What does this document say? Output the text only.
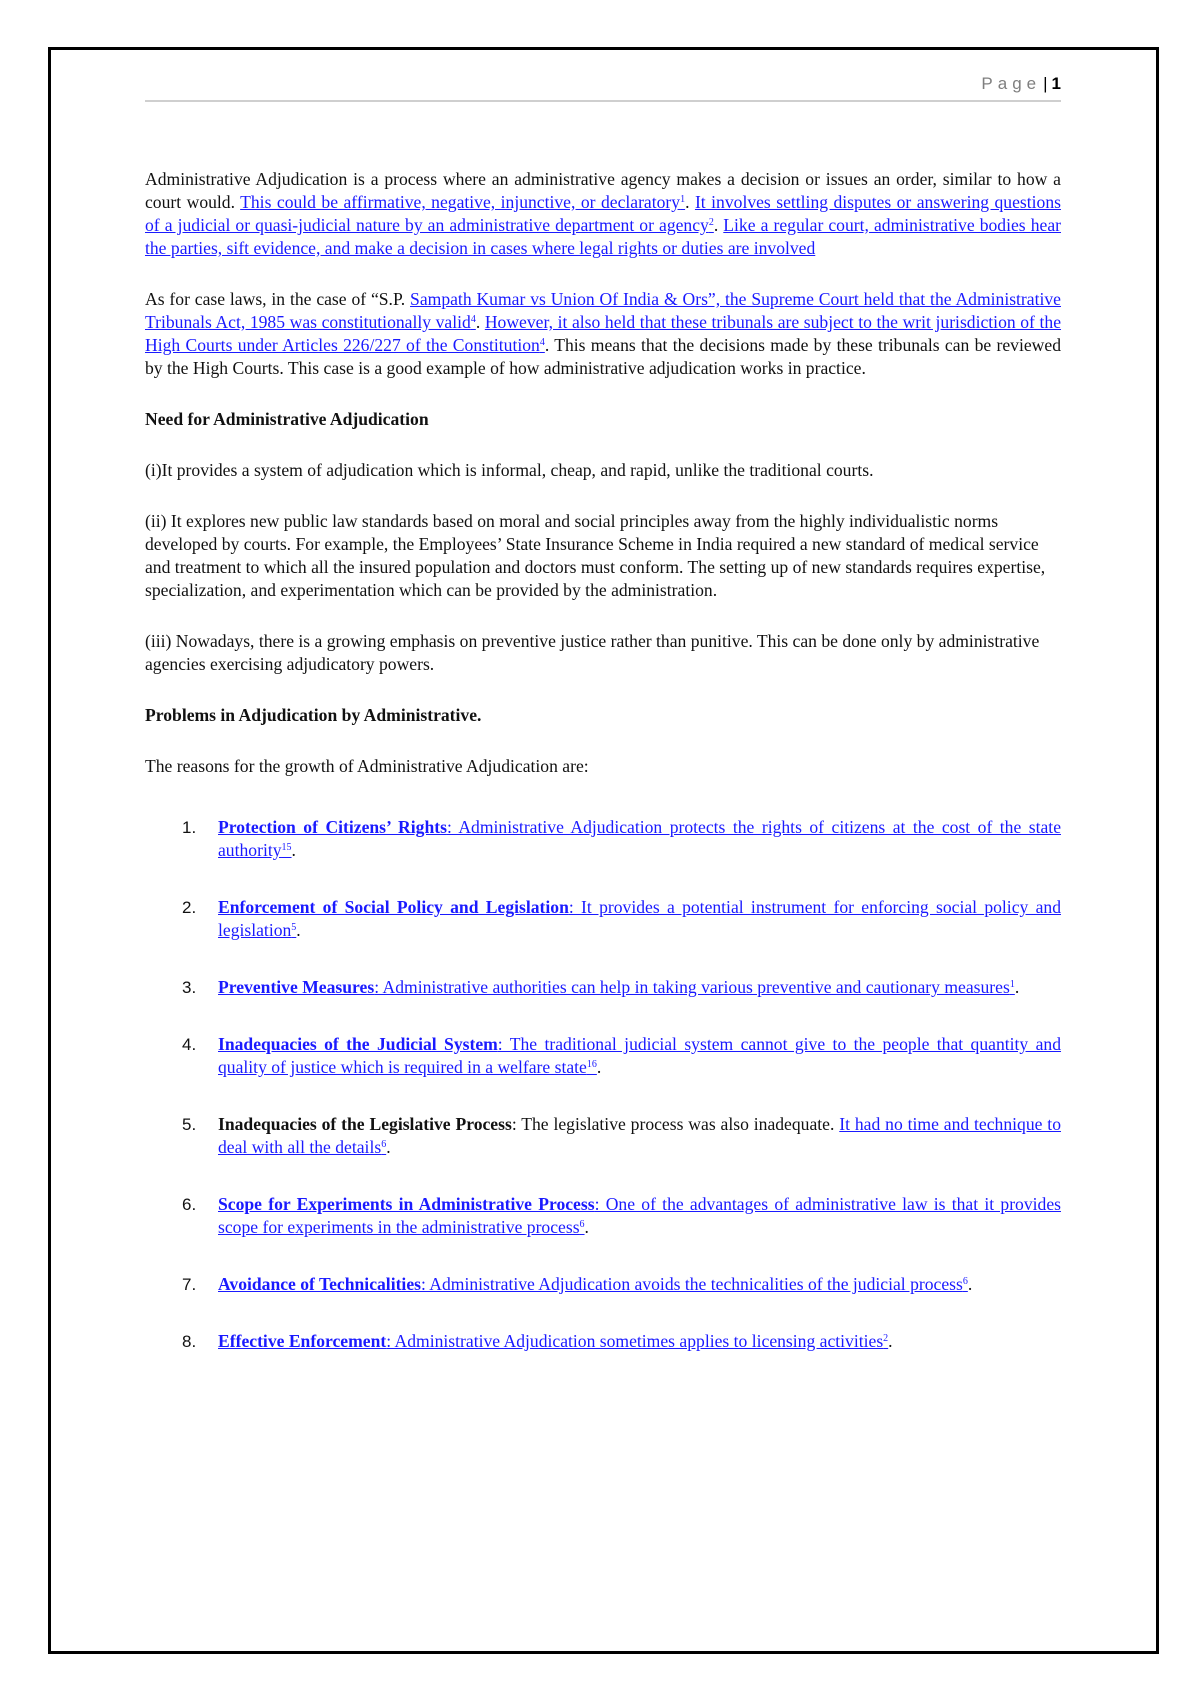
Page | 1

Administrative Adjudication is a process where an administrative agency makes a decision or issues an order, similar to how a court would. This could be affirmative, negative, injunctive, or declaratory$^1$. It involves settling disputes or answering questions of a judicial or quasi-judicial nature by an administrative department or agency$^2$. Like a regular court, administrative bodies hear the parties, sift evidence, and make a decision in cases where legal rights or duties are involved

As for case laws, in the case of “S.P. Sampath Kumar vs Union Of India & Ors”, the Supreme Court held that the Administrative Tribunals Act, 1985 was constitutionally valid$^4$. However, it also held that these tribunals are subject to the writ jurisdiction of the High Courts under Articles 226/227 of the Constitution$^4$. This means that the decisions made by these tribunals can be reviewed by the High Courts. This case is a good example of how administrative adjudication works in practice.

Need for Administrative Adjudication

(i)It provides a system of adjudication which is informal, cheap, and rapid, unlike the traditional courts.

(ii) It explores new public law standards based on moral and social principles away from the highly individualistic norms developed by courts. For example, the Employees’ State Insurance Scheme in India required a new standard of medical service and treatment to which all the insured population and doctors must conform. The setting up of new standards requires expertise, specialization, and experimentation which can be provided by the administration.

(iii) Nowadays, there is a growing emphasis on preventive justice rather than punitive. This can be done only by administrative agencies exercising adjudicatory powers.

Problems in Adjudication by Administrative.

The reasons for the growth of Administrative Adjudication are:

1. Protection of Citizens’ Rights: Administrative Adjudication protects the rights of citizens at the cost of the state authority$^{15}$.
2. Enforcement of Social Policy and Legislation: It provides a potential instrument for enforcing social policy and legislation$^5$.
3. Preventive Measures: Administrative authorities can help in taking various preventive and cautionary measures$^1$.
4. Inadequacies of the Judicial System: The traditional judicial system cannot give to the people that quantity and quality of justice which is required in a welfare state$^{16}$.
5. Inadequacies of the Legislative Process: The legislative process was also inadequate. It had no time and technique to deal with all the details$^6$.
6. Scope for Experiments in Administrative Process: One of the advantages of administrative law is that it provides scope for experiments in the administrative process$^6$.
7. Avoidance of Technicalities: Administrative Adjudication avoids the technicalities of the judicial process$^6$.
8. Effective Enforcement: Administrative Adjudication sometimes applies to licensing activities$^2$.
